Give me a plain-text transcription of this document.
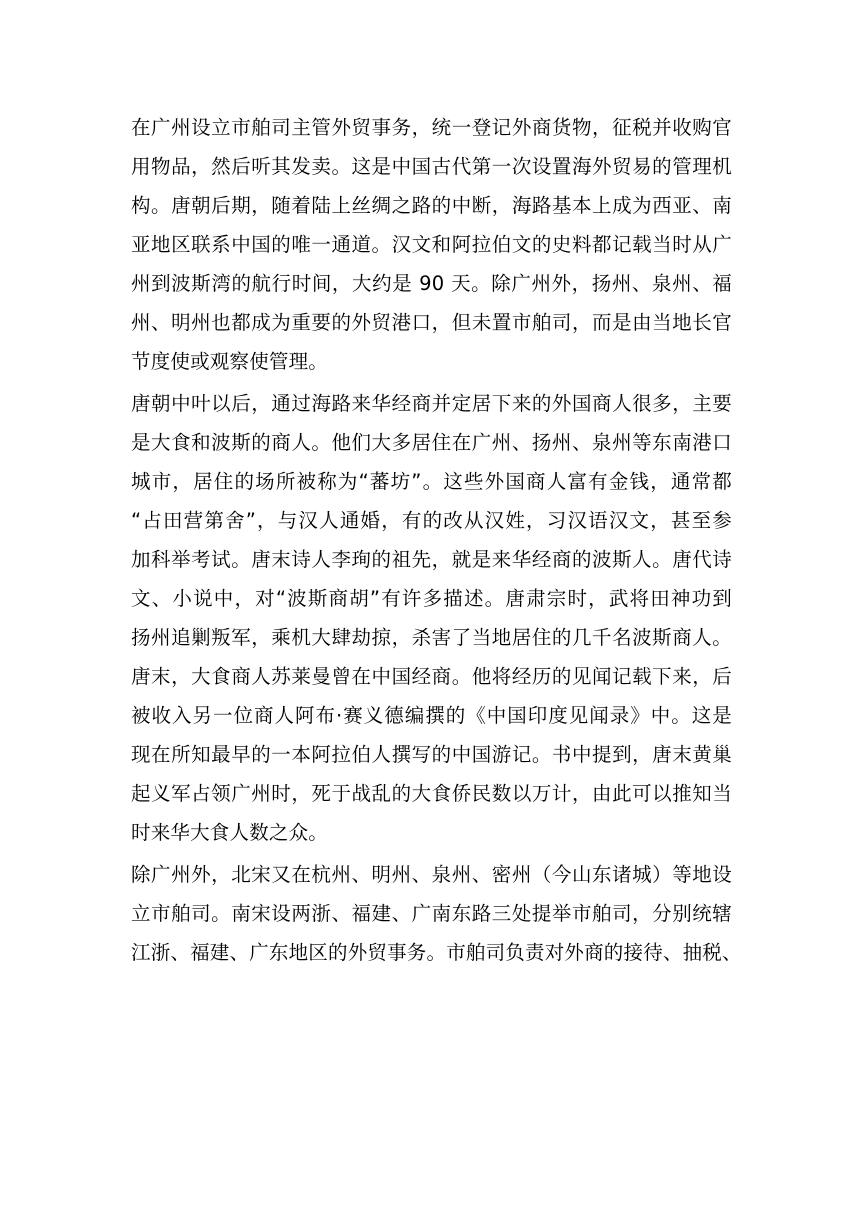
在广州设立市舶司主管外贸事务，统一登记外商货物，征税并收购官
用物品，然后听其发卖。这是中国古代第一次设置海外贸易的管理机
构。唐朝后期，随着陆上丝绸之路的中断，海路基本上成为西亚、南
亚地区联系中国的唯一通道。汉文和阿拉伯文的史料都记载当时从广
州到波斯湾的航行时间，大约是 90 天。除广州外，扬州、泉州、福
州、明州也都成为重要的外贸港口，但未置市舶司，而是由当地长官
节度使或观察使管理。
唐朝中叶以后，通过海路来华经商并定居下来的外国商人很多，主要
是大食和波斯的商人。他们大多居住在广州、扬州、泉州等东南港口
城市，居住的场所被称为“蕃坊”。这些外国商人富有金钱，通常都
“占田营第舍”，与汉人通婚，有的改从汉姓，习汉语汉文，甚至参
加科举考试。唐末诗人李珣的祖先，就是来华经商的波斯人。唐代诗
文、小说中，对“波斯商胡”有许多描述。唐肃宗时，武将田神功到
扬州追剿叛军，乘机大肆劫掠，杀害了当地居住的几千名波斯商人。
唐末，大食商人苏莱曼曾在中国经商。他将经历的见闻记载下来，后
被收入另一位商人阿布·赛义德编撰的《中国印度见闻录》中。这是
现在所知最早的一本阿拉伯人撰写的中国游记。书中提到，唐末黄巢
起义军占领广州时，死于战乱的大食侨民数以万计，由此可以推知当
时来华大食人数之众。
除广州外，北宋又在杭州、明州、泉州、密州（今山东诸城）等地设
立市舶司。南宋设两浙、福建、广南东路三处提举市舶司，分别统辖
江浙、福建、广东地区的外贸事务。市舶司负责对外商的接待、抽税、
